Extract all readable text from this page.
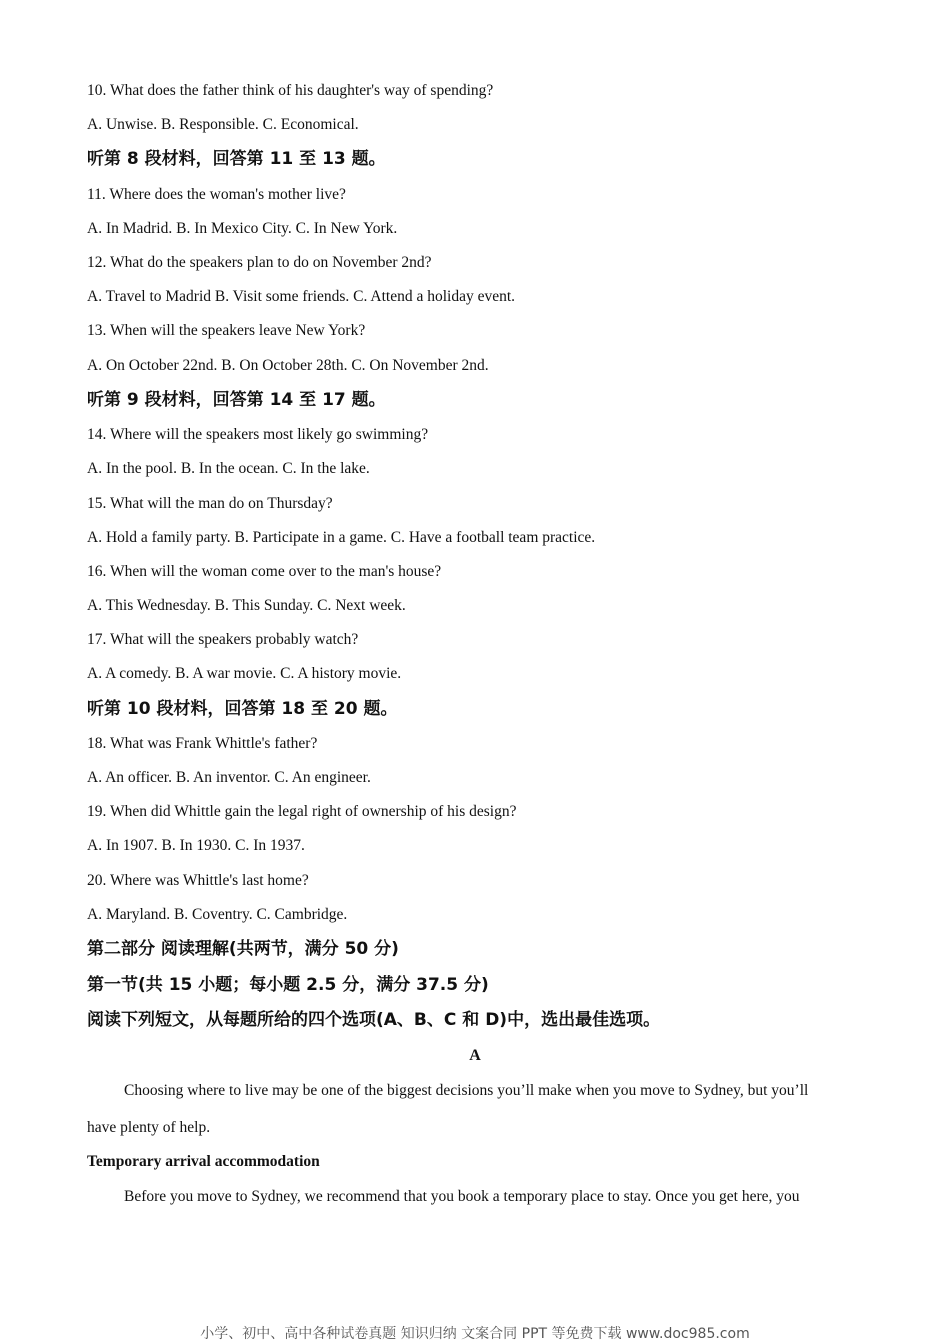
10. What does the father think of his daughter's way of spending?
A. Unwise. B. Responsible. C. Economical.
听第 8 段材料，回答第 11 至 13 题。
11. Where does the woman's mother live?
A. In Madrid. B. In Mexico City. C. In New York.
12. What do the speakers plan to do on November 2nd?
A. Travel to Madrid B. Visit some friends. C. Attend a holiday event.
13. When will the speakers leave New York?
A. On October 22nd. B. On October 28th. C. On November 2nd.
听第 9 段材料，回答第 14 至 17 题。
14. Where will the speakers most likely go swimming?
A. In the pool. B. In the ocean. C. In the lake.
15. What will the man do on Thursday?
A. Hold a family party. B. Participate in a game. C. Have a football team practice.
16. When will the woman come over to the man's house?
A. This Wednesday. B. This Sunday. C. Next week.
17. What will the speakers probably watch?
A. A comedy. B. A war movie. C. A history movie.
听第 10 段材料，回答第 18 至 20 题。
18. What was Frank Whittle's father?
A. An officer. B. An inventor. C. An engineer.
19. When did Whittle gain the legal right of ownership of his design?
A. In 1907. B. In 1930. C. In 1937.
20. Where was Whittle's last home?
A. Maryland. B. Coventry. C. Cambridge.
第二部分 阅读理解(共两节，满分 50 分)
第一节(共 15 小题；每小题 2.5 分，满分 37.5 分)
阅读下列短文，从每题所给的四个选项(A、B、C 和 D)中，选出最佳选项。
A
Choosing where to live may be one of the biggest decisions you’ll make when you move to Sydney, but you’ll
have plenty of help.
Temporary arrival accommodation
Before you move to Sydney, we recommend that you book a temporary place to stay. Once you get here, you
小学、初中、高中各种试卷真题 知识归纳 文案合同 PPT 等免费下载 www.doc985.com
